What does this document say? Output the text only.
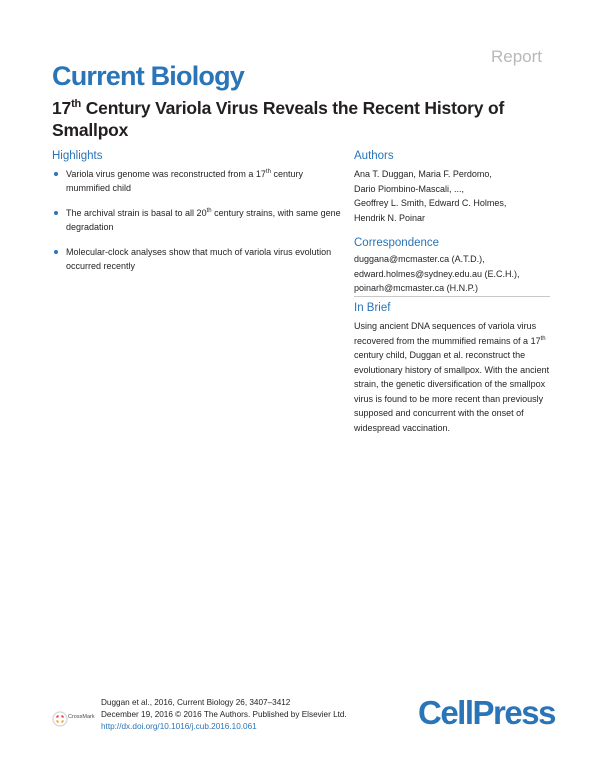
Report
Current Biology
17th Century Variola Virus Reveals the Recent History of Smallpox
Highlights
Variola virus genome was reconstructed from a 17th century mummified child
The archival strain is basal to all 20th century strains, with same gene degradation
Molecular-clock analyses show that much of variola virus evolution occurred recently
Authors
Ana T. Duggan, Maria F. Perdomo,
Dario Piombino-Mascali, ...,
Geoffrey L. Smith, Edward C. Holmes,
Hendrik N. Poinar
Correspondence
duggana@mcmaster.ca (A.T.D.),
edward.holmes@sydney.edu.au (E.C.H.),
poinarh@mcmaster.ca (H.N.P.)
In Brief
Using ancient DNA sequences of variola virus recovered from the mummified remains of a 17th century child, Duggan et al. reconstruct the evolutionary history of smallpox. With the ancient strain, the genetic diversification of the smallpox virus is found to be more recent than previously supposed and concurrent with the onset of widespread vaccination.
CrossMark
Duggan et al., 2016, Current Biology 26, 3407–3412
December 19, 2016 © 2016 The Authors. Published by Elsevier Ltd.
http://dx.doi.org/10.1016/j.cub.2016.10.061	CellPress
